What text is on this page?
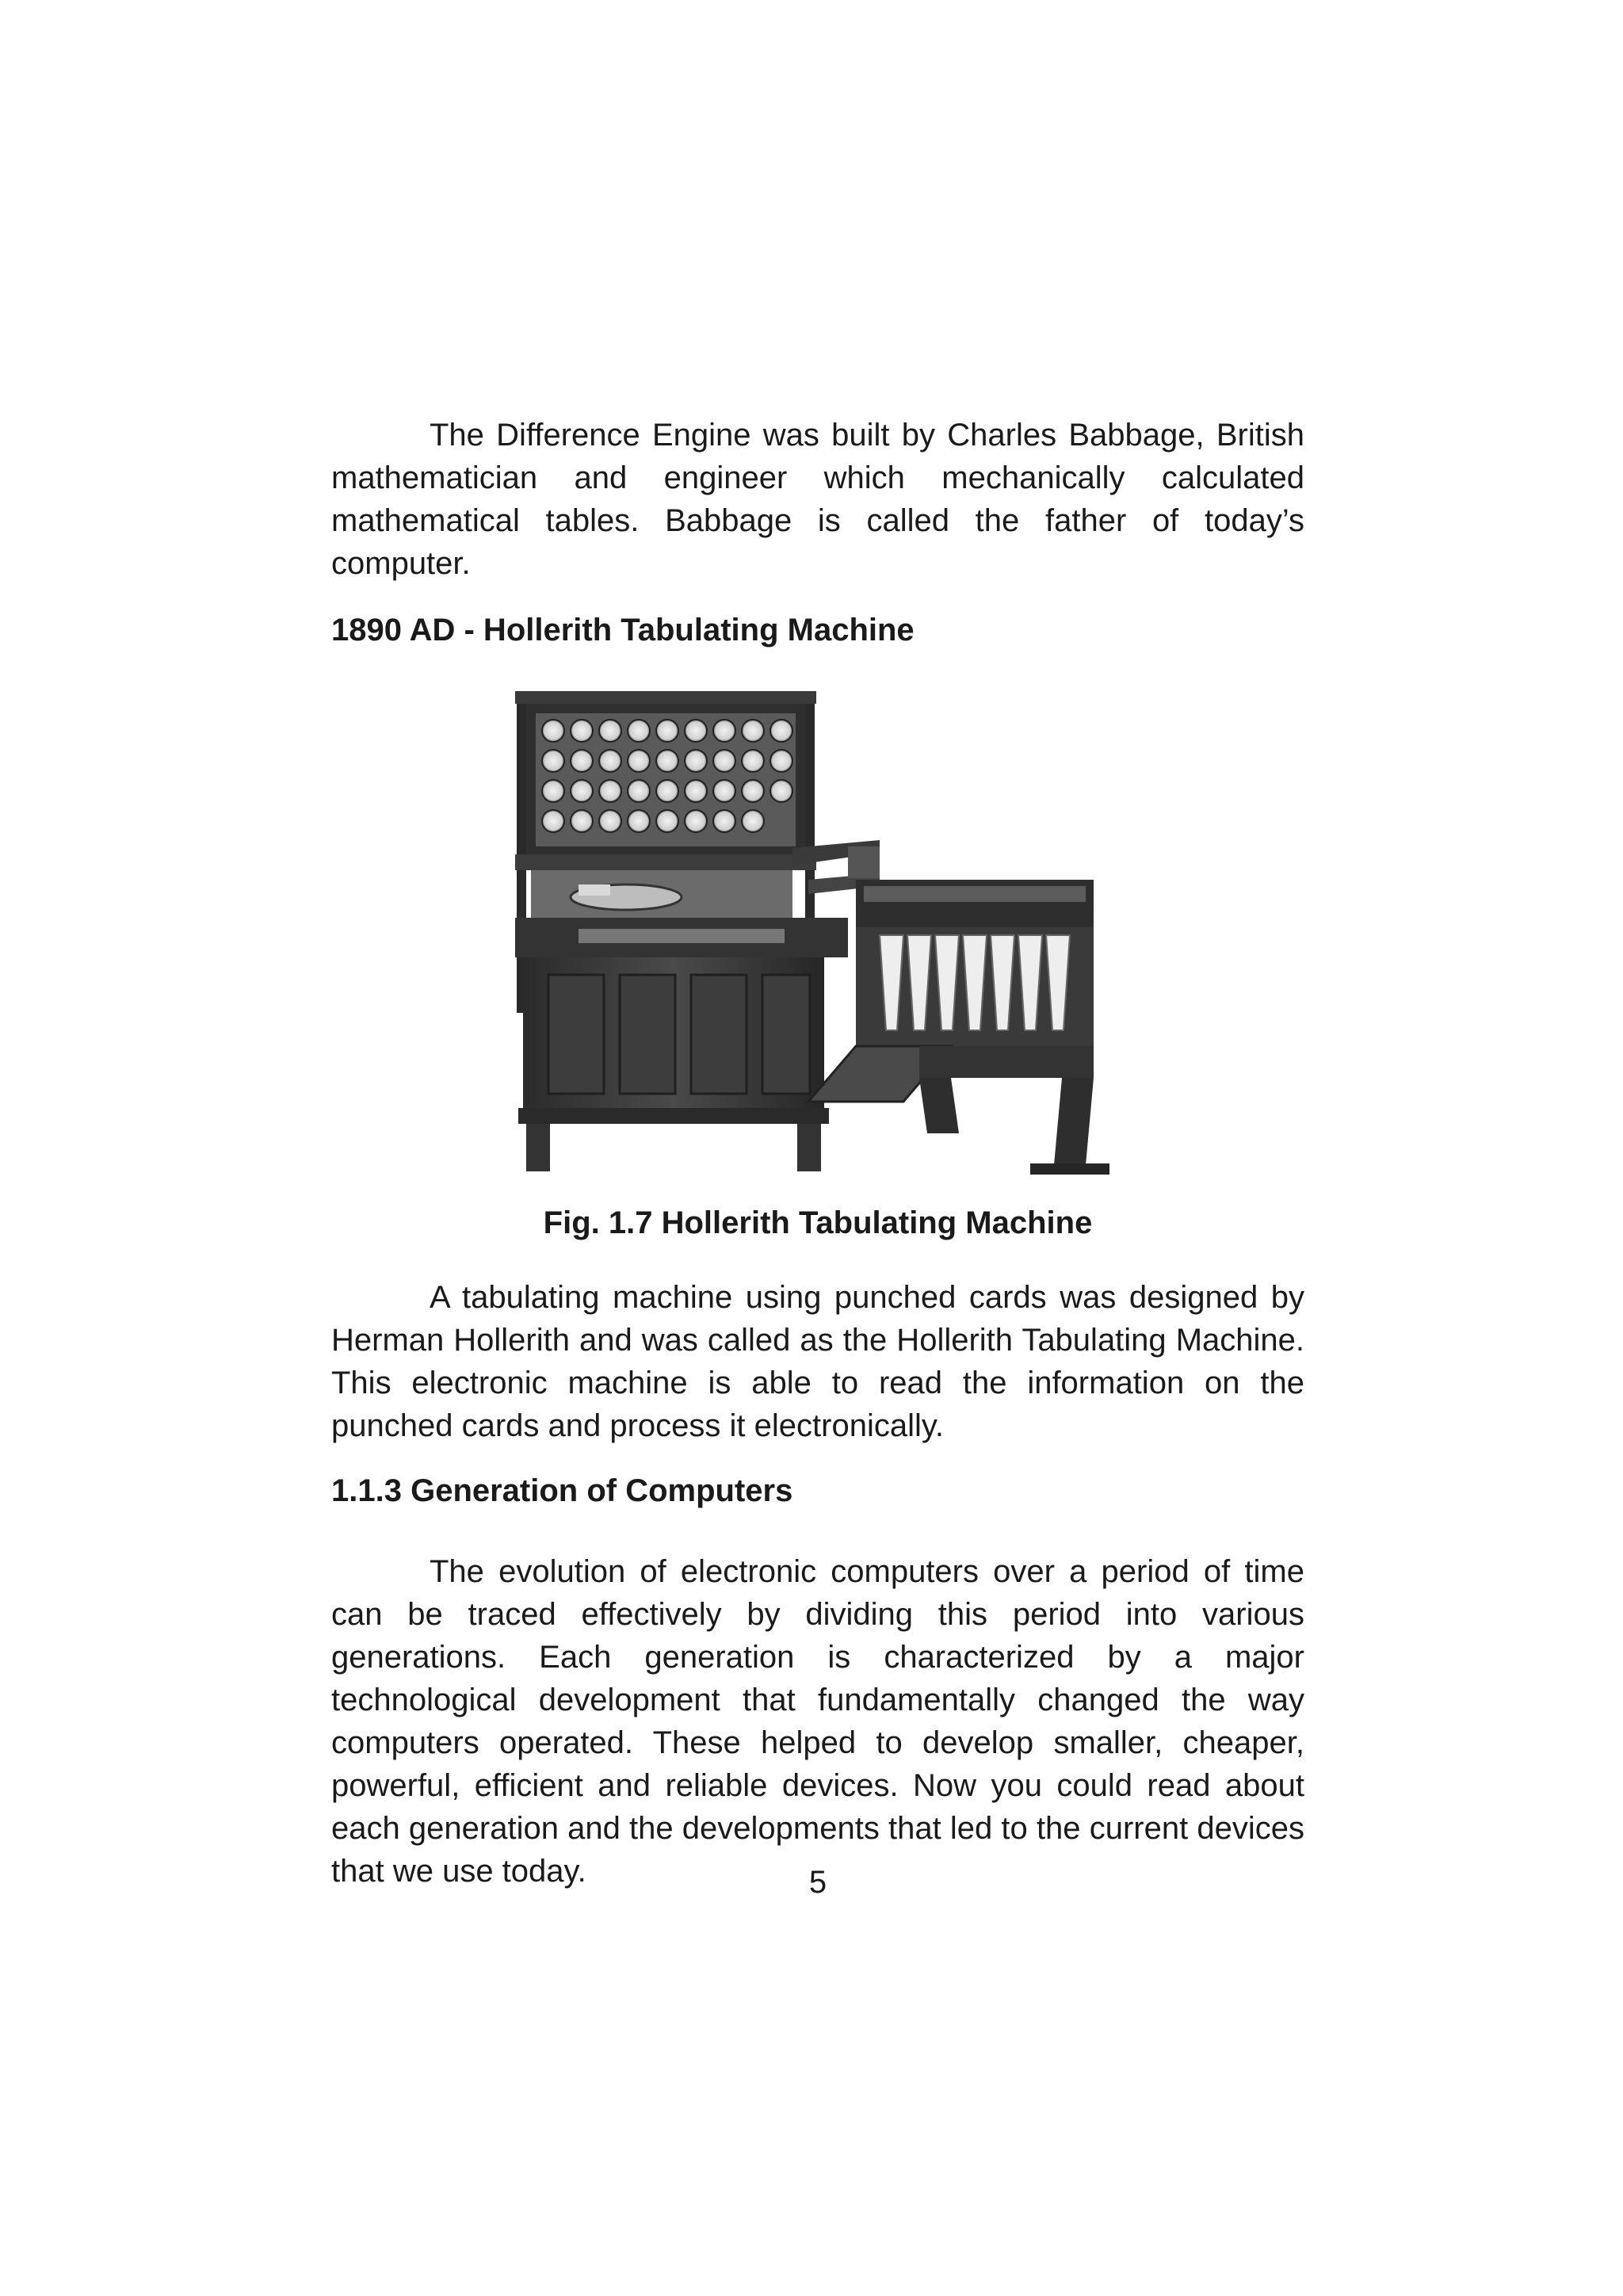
The Difference Engine was built by Charles Babbage, British mathematician and engineer which mechanically calculated mathematical tables. Babbage is called the father of today’s computer.

1890 AD - Hollerith Tabulating Machine

Fig. 1.7 Hollerith Tabulating Machine

A tabulating machine using punched cards was designed by Herman Hollerith and was called as the Hollerith Tabulating Machine. This electronic machine is able to read the information on the punched cards and process it electronically.

1.1.3 Generation of Computers

The evolution of electronic computers over a period of time can be traced effectively by dividing this period into various generations. Each generation is characterized by a major technological development that fundamentally changed the way computers operated. These helped to develop smaller, cheaper, powerful, efficient and reliable devices. Now you could read about each generation and the developments that led to the current devices that we use today.	5
